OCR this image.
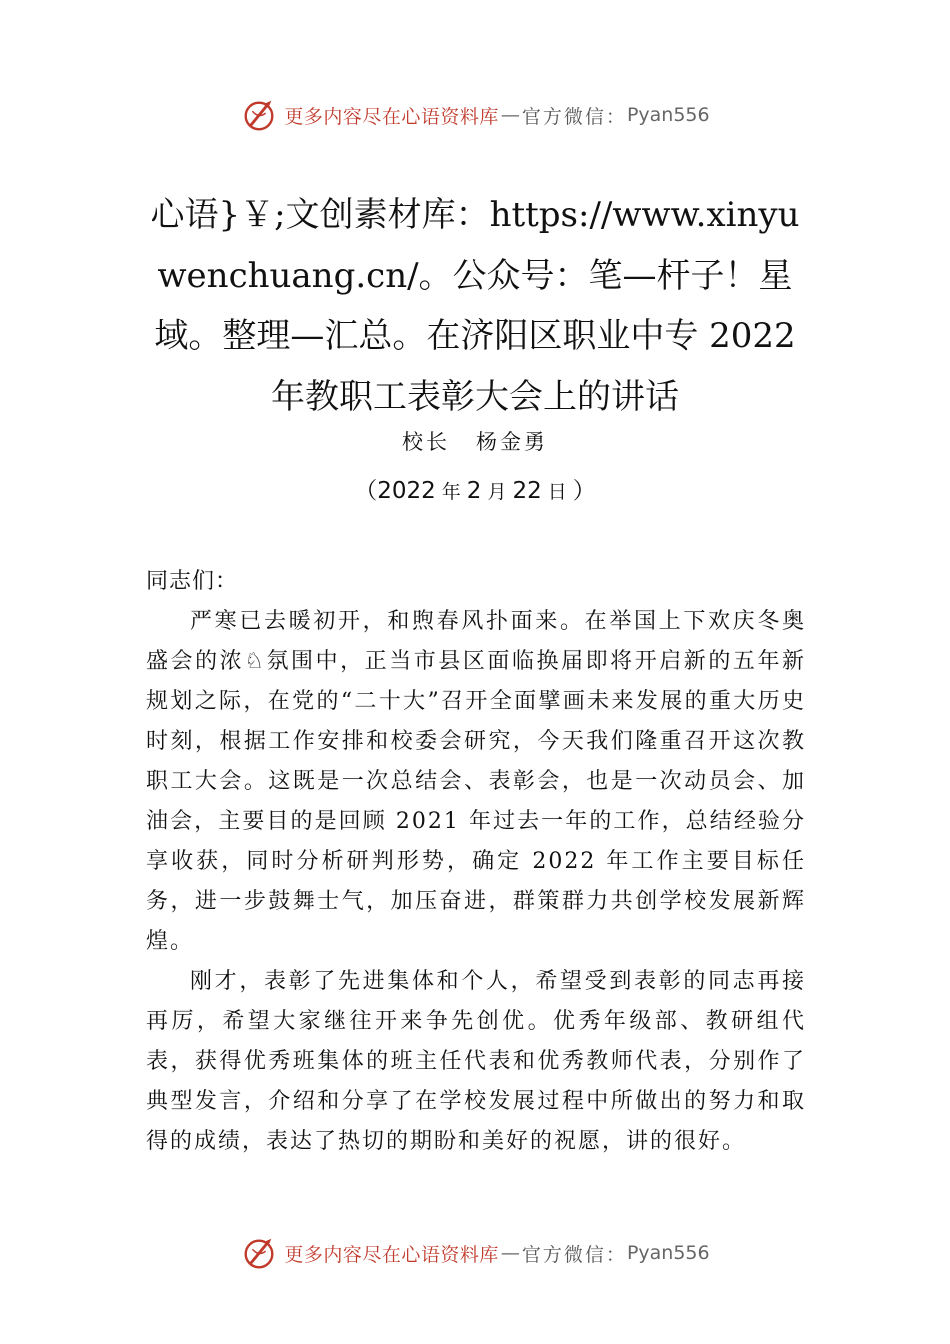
更多内容尽在心语资料库 — 官方微信： Pyan556
心语}￥;文创素材库：https://www.xinyuwenchuang.cn/。公众号：笔—杆子！星域。整理—汇总。在济阳区职业中专 2022 年教职工表彰大会上的讲话
校长 杨金勇
（2022 年 2 月 22 日 ）

同志们：

严寒已去暖初开，和煦春风扑面来。在举国上下欢庆冬奥盛会的浓♘氛围中，正当市县区面临换届即将开启新的五年新规划之际，在党的“二十大”召开全面擘画未来发展的重大历史时刻，根据工作安排和校委会研究，今天我们隆重召开这次教职工大会。这既是一次总结会、表彰会，也是一次动员会、加油会，主要目的是回顾 2021 年过去一年的工作，总结经验分享收获，同时分析研判形势，确定 2022 年工作主要目标任务，进一步鼓舞士气，加压奋进，群策群力共创学校发展新辉煌。

刚才，表彰了先进集体和个人，希望受到表彰的同志再接再厉，希望大家继往开来争先创优。优秀年级部、教研组代表，获得优秀班集体的班主任代表和优秀教师代表，分别作了典型发言，介绍和分享了在学校发展过程中所做出的努力和取得的成绩，表达了热切的期盼和美好的祝愿，讲的很好。

更多内容尽在心语资料库 — 官方微信： Pyan556
